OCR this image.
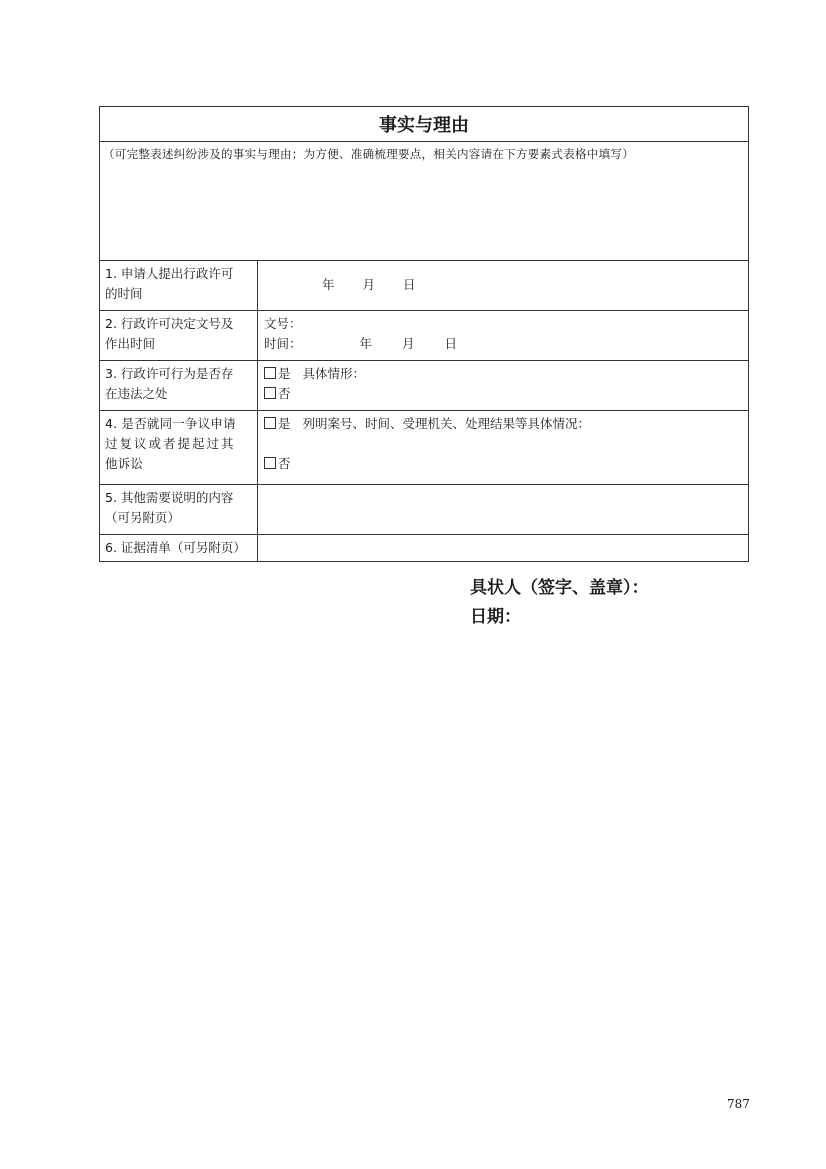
事实与理由
（可完整表述纠纷涉及的事实与理由；为方便、准确梳理要点，相关内容请在下方要素式表格中填写）
1. 申请人提出行政许可
的时间
年 月 日
2. 行政许可决定文号及
作出时间
文号：
时间：	年 月 日
3. 行政许可行为是否存
在违法之处
是 具体情形：
否
4. 是否就同一争议申请
过复议或者提起过其
他诉讼
是 列明案号、时间、受理机关、处理结果等具体情况：
否
5. 其他需要说明的内容
（可另附页）
6. 证据清单（可另附页）
具状人（签字、盖章）：
日期：
787
